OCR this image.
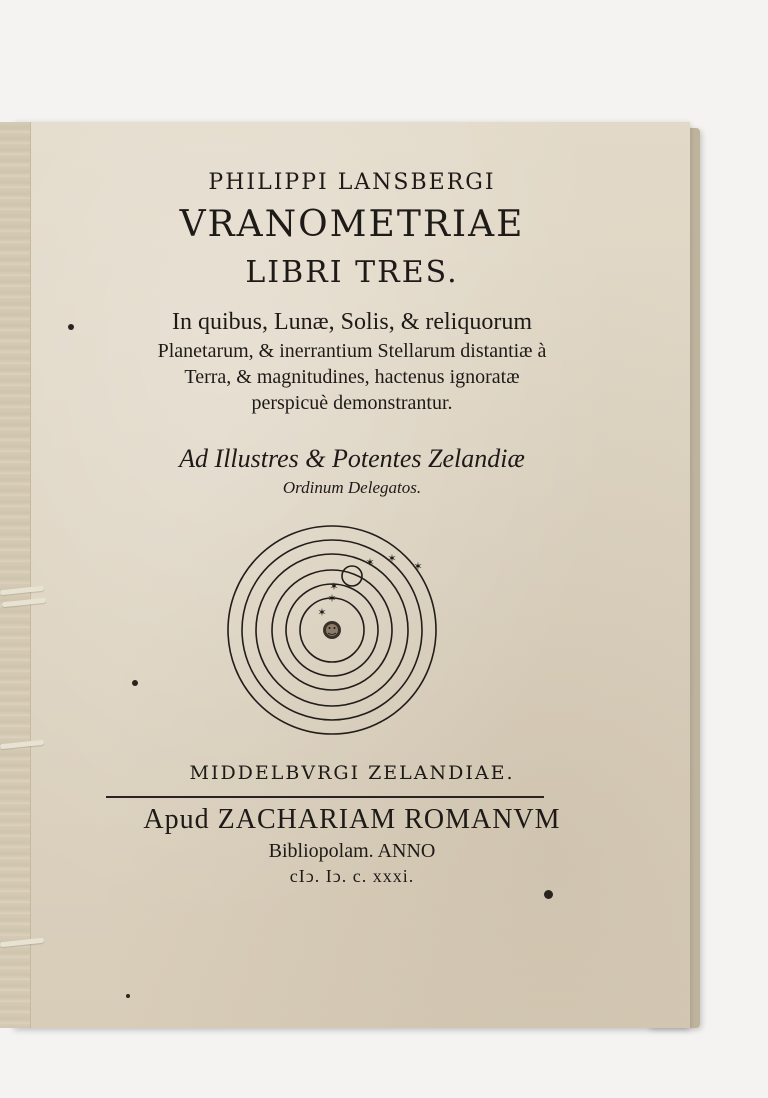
PHILIPPI LANSBERGI
VRANOMETRIAE
LIBRI TRES.
In quibus, Lunæ, Solis, & reliquorum
Planetarum, & inerrantium Stellarum distantiæ à
Terra, & magnitudines, hactenus ignoratæ
perspicuè demonstrantur.
Ad Illustres & Potentes Zelandiæ
Ordinum Delegatos.
✶
✶
✶
✶ ✶
✶
MIDDELBVRGI ZELANDIAE.
Apud ZACHARIAM ROMANVM
Bibliopolam. ANNO
cIↄ. Iↄ. c. xxxi.
